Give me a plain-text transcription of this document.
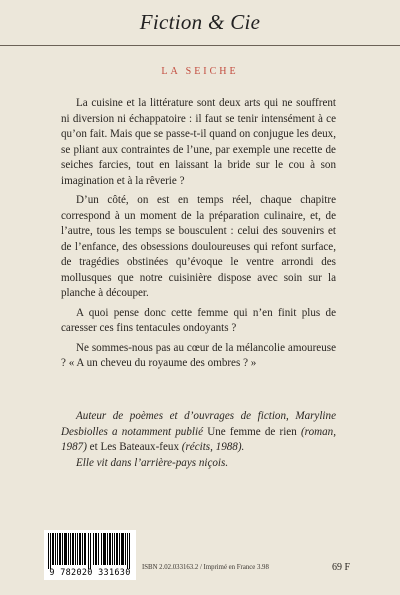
Fiction & Cie
LA SEICHE

La cuisine et la littérature sont deux arts qui ne souffrent ni diversion ni échappatoire : il faut se tenir intensément à ce qu’on fait. Mais que se passe-t-il quand on conjugue les deux, se pliant aux contraintes de l’une, par exemple une recette de seiches farcies, tout en laissant la bride sur le cou à son imagination et à la rêverie ?

D’un côté, on est en temps réel, chaque chapitre correspond à un moment de la préparation culinaire, et, de l’autre, tous les temps se bousculent : celui des souvenirs et de l’enfance, des obsessions douloureuses qui refont surface, de tragédies obstinées qu’évoque le ventre arrondi des mollusques que notre cuisinière dispose avec soin sur la planche à découper.

A quoi pense donc cette femme qui n’en finit plus de caresser ces fins tentacules ondoyants ?

Ne sommes-nous pas au cœur de la mélancolie amoureuse ? « A un cheveu du royaume des ombres ? »

Auteur de poèmes et d’ouvrages de fiction, Maryline Desbiolles a notamment publié Une femme de rien (roman, 1987) et Les Bateaux-feux (récits, 1988).

Elle vit dans l’arrière-pays niçois.

9 782020 331630
ISBN 2.02.033163.2 / Imprimé en France 3.98	69 F
